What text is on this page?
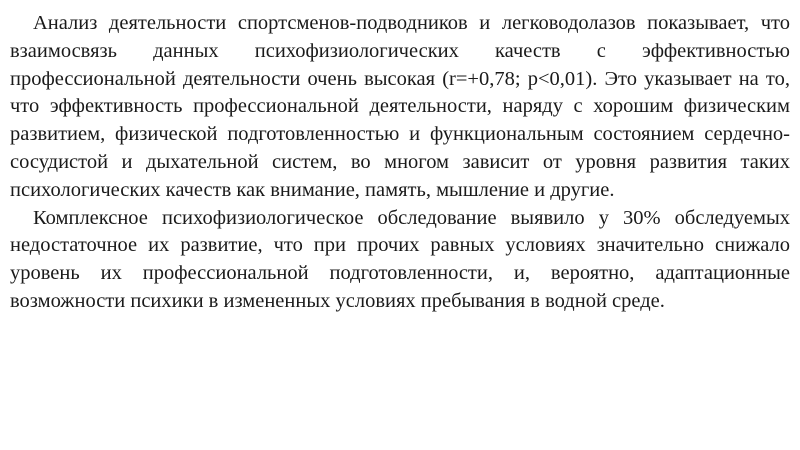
Анализ деятельности спортсменов-подводников и легководолазов показывает, что взаимосвязь данных психофизиологических качеств с эффективностью профессиональной деятельности очень высокая (r=+0,78; p<0,01). Это указывает на то, что эффективность профессиональной деятельности, наряду с хорошим физическим развитием, физической подготовленностью и функциональным состоянием сердечно-сосудистой и дыхательной систем, во многом зависит от уровня развития таких психологических качеств как внимание, память, мышление и другие.

Комплексное психофизиологическое обследование выявило у 30% обследуемых недостаточное их развитие, что при прочих равных условиях значительно снижало уровень их профессиональной подготовленности, и, вероятно, адаптационные возможности психики в измененных условиях пребывания в водной среде.
